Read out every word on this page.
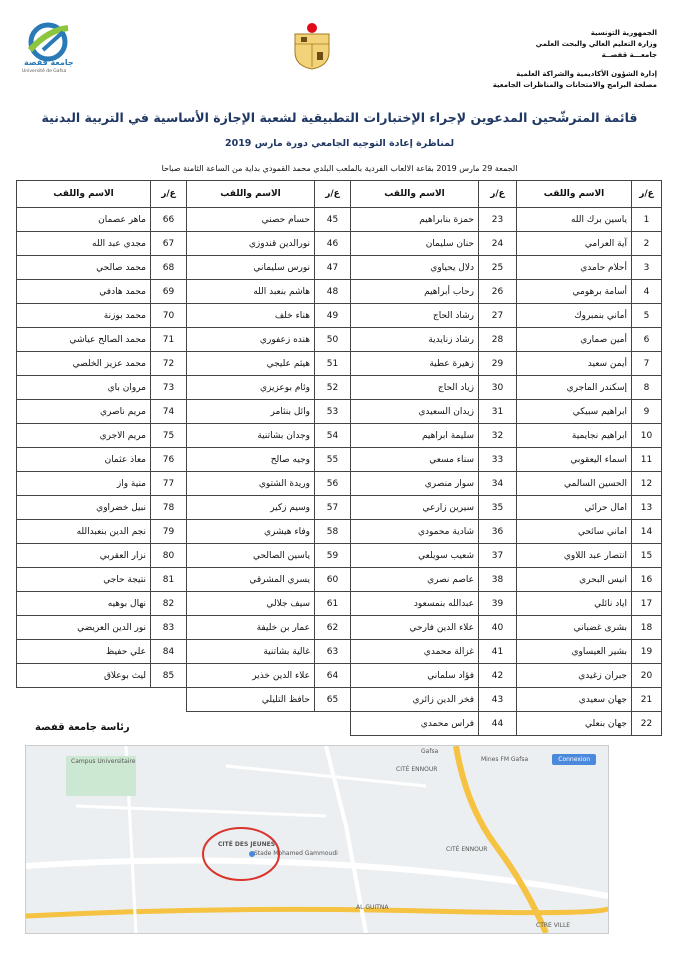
جامعة قفصة
Université de Gafsa
الجمهورية التونسية
وزارة التعليم العالي والبحث العلمي
جامعـــة قفصــة
إدارة الشؤون الأكاديمية والشراكة العلمية
مصلحة البرامج والامتحانات والمناظرات الجامعية
قائمة المترشّحين المدعوين لإجراء الإختبارات التطبيقية لشعبة الإجازة الأساسية في التربية البدنية
لمناظرة إعادة التوجيه الجامعي دورة مارس 2019
الجمعة 29 مارس 2019 بقاعة الالعاب الفردية بالملعب البلدي محمد القمودي بداية من الساعة الثامنة صباحا
ع/ر	الاسم واللقب	ع/ر	الاسم واللقب	ع/ر	الاسم واللقب	ع/ر	الاسم واللقب
1	ياسين برك الله	23	حمزة بنابراهيم	45	حسام حصني	66	ماهر عصمان
2	آية العرامي	24	حنان سليمان	46	نورالدين قندوزي	67	مجدي عبد الله
3	أحلام حامدي	25	دلال يحياوي	47	نورس سليماني	68	محمد صالحي
4	أسامة برهومي	26	رحاب أبراهيم	48	هاشم بنعبد الله	69	محمد هادفي
5	أماني بنمبروك	27	رشاد الحاج	49	هناء خلف	70	محمد بوزنة
6	أمين صماري	28	رشاد زنايدية	50	هنده زعفوري	71	محمد الصالح عياشي
7	أيمن سعيد	29	زهيرة عطية	51	هيثم عليجي	72	محمد عزيز الخلصي
8	إسكندر الماجري	30	زياد الحاج	52	وئام بوعزيزي	73	مروان باي
9	ابراهيم سبيكي	31	زيدان السعيدي	53	وائل بنثامر	74	مريم ناصري
10	ابراهيم نجايمية	32	سليمة ابراهيم	54	وجدان بشاتنية	75	مريم الاجري
11	اسماء اليعقوبي	33	سناء مسعي	55	وجيه صالح	76	معاذ عثمان
12	الحسين السالمي	34	سوار منصري	56	وريدة الشتوي	77	منية واز
13	امال حرائي	35	سيرين زارعي	57	وسيم زكير	78	نبيل خضراوي
14	اماني سائحي	36	شادية محمودي	58	وفاء هيشري	79	نجم الدين بنعبدالله
15	انتصار عبد اللاوي	37	شعيب سويلعي	59	ياسين الصالحي	80	نزار العقربي
16	انيس البحري	38	عاصم نصري	60	يسري المشرقي	81	نتيجة حاجي
17	اياد نائلي	39	عبدالله بنمسعود	61	سيف جلالي	82	نهال بوهيه
18	بشرى غضباني	40	علاء الدين فارحي	62	عمار بن خليفة	83	نور الدين العريضي
19	بشير العيساوي	41	غزالة محمدي	63	غالية بشاتنية	84	علي حفيظ
20	جبران زغيدي	42	فؤاد سلماني	64	علاء الدين خذير	85	ليث بوعلاق
21	جهان سعيدي	43	فخر الدين زائري	65	حافظ التليلي		
22	جهان بنعلي	44	فراس محمدي				
رئاسة جامعة قفصة
Campus Universitaire
CITÉ ENNOUR
CITÉ DES JEUNES
Stade Mohamed Gammoudi
AL GUITNA
CITÉ ENNOUR
Gafsa
Mines FM Gafsa
CTRE VILLE
Connexion
